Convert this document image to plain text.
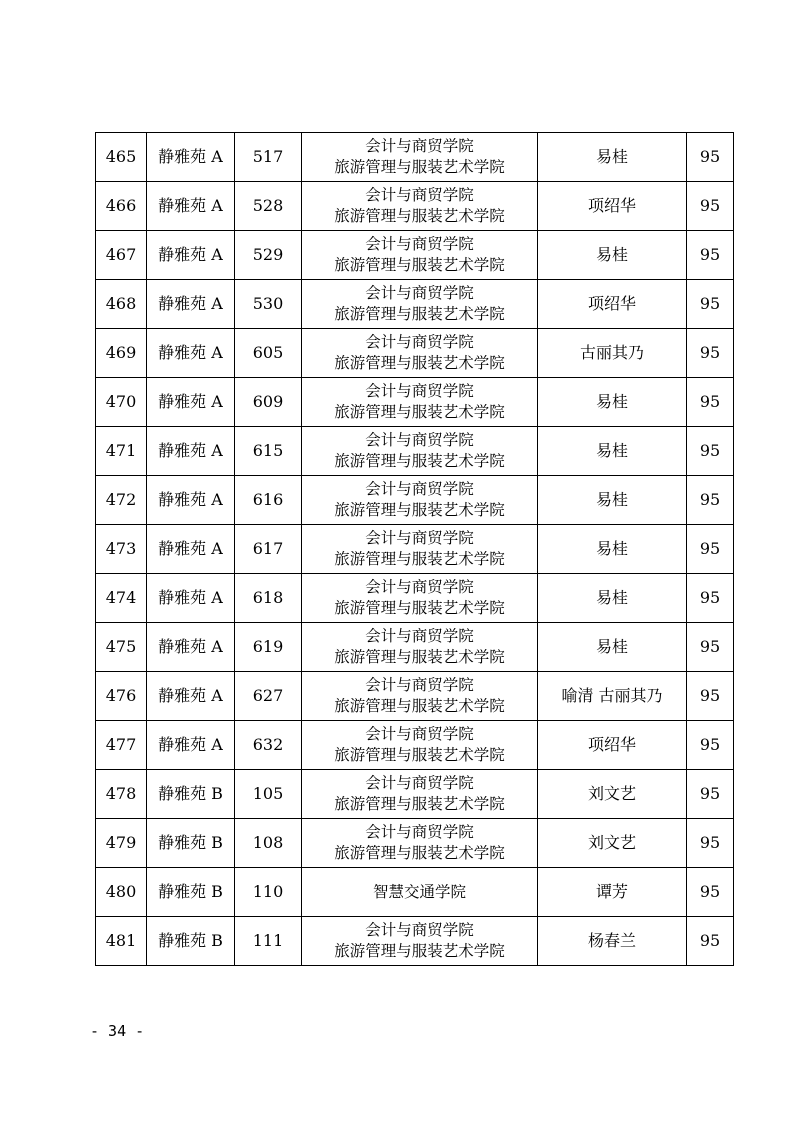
465	静雅苑 A	517	会计与商贸学院
旅游管理与服装艺术学院	易桂	95
466	静雅苑 A	528	会计与商贸学院
旅游管理与服装艺术学院	项绍华	95
467	静雅苑 A	529	会计与商贸学院
旅游管理与服装艺术学院	易桂	95
468	静雅苑 A	530	会计与商贸学院
旅游管理与服装艺术学院	项绍华	95
469	静雅苑 A	605	会计与商贸学院
旅游管理与服装艺术学院	古丽其乃	95
470	静雅苑 A	609	会计与商贸学院
旅游管理与服装艺术学院	易桂	95
471	静雅苑 A	615	会计与商贸学院
旅游管理与服装艺术学院	易桂	95
472	静雅苑 A	616	会计与商贸学院
旅游管理与服装艺术学院	易桂	95
473	静雅苑 A	617	会计与商贸学院
旅游管理与服装艺术学院	易桂	95
474	静雅苑 A	618	会计与商贸学院
旅游管理与服装艺术学院	易桂	95
475	静雅苑 A	619	会计与商贸学院
旅游管理与服装艺术学院	易桂	95
476	静雅苑 A	627	会计与商贸学院
旅游管理与服装艺术学院	喻清 古丽其乃	95
477	静雅苑 A	632	会计与商贸学院
旅游管理与服装艺术学院	项绍华	95
478	静雅苑 B	105	会计与商贸学院
旅游管理与服装艺术学院	刘文艺	95
479	静雅苑 B	108	会计与商贸学院
旅游管理与服装艺术学院	刘文艺	95
480	静雅苑 B	110	智慧交通学院	谭芳	95
481	静雅苑 B	111	会计与商贸学院
旅游管理与服装艺术学院	杨春兰	95
- 34 -
